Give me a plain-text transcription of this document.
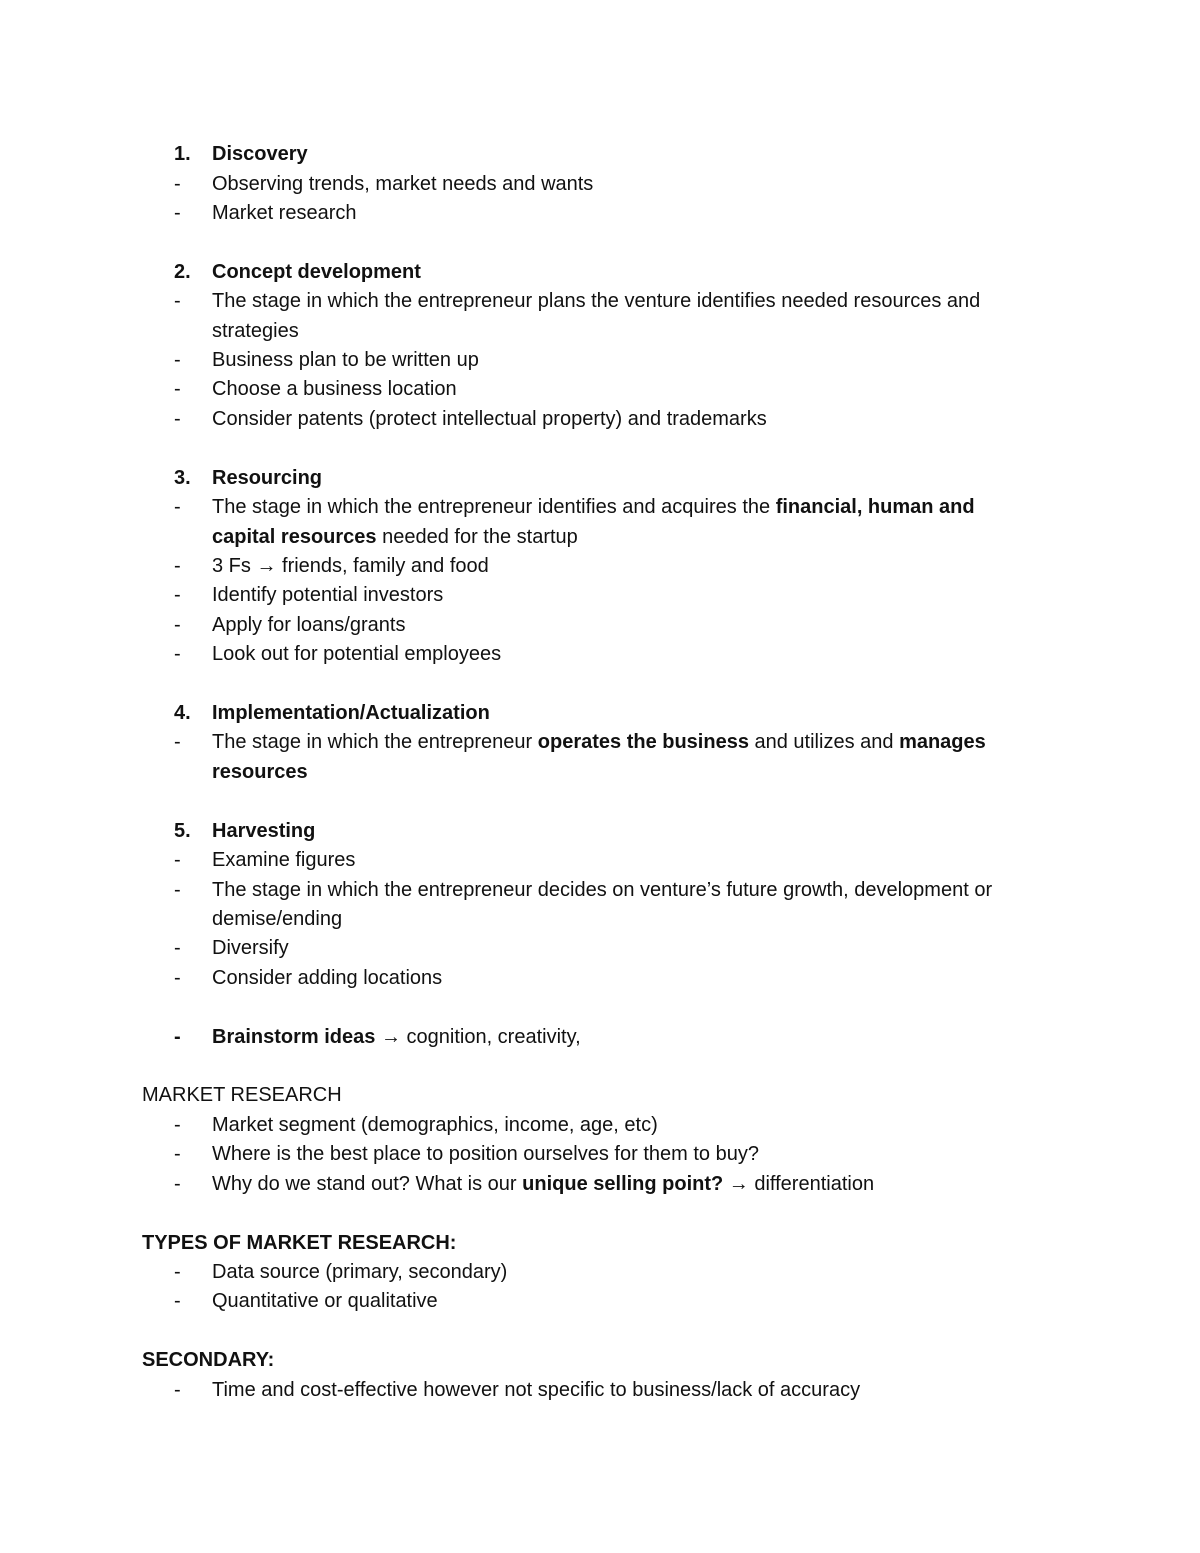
1.	Discovery
-	Observing trends, market needs and wants
-	Market research
2.	Concept development
-	The stage in which the entrepreneur plans the venture identifies needed resources and
strategies
-	Business plan to be written up
-	Choose a business location
-	Consider patents (protect intellectual property) and trademarks
3.	Resourcing
-	The stage in which the entrepreneur identifies and acquires the financial, human and
capital resources needed for the startup
-	3 Fs → friends, family and food
-	Identify potential investors
-	Apply for loans/grants
-	Look out for potential employees
4.	Implementation/Actualization
-	The stage in which the entrepreneur operates the business and utilizes and manages
resources
5.	Harvesting
-	Examine figures
-	The stage in which the entrepreneur decides on venture’s future growth, development or
demise/ending
-	Diversify
-	Consider adding locations
-	Brainstorm ideas → cognition, creativity,
MARKET RESEARCH
-	Market segment (demographics, income, age, etc)
-	Where is the best place to position ourselves for them to buy?
-	Why do we stand out? What is our unique selling point? → differentiation
TYPES OF MARKET RESEARCH:
-	Data source (primary, secondary)
-	Quantitative or qualitative
SECONDARY:
-	Time and cost-effective however not specific to business/lack of accuracy
